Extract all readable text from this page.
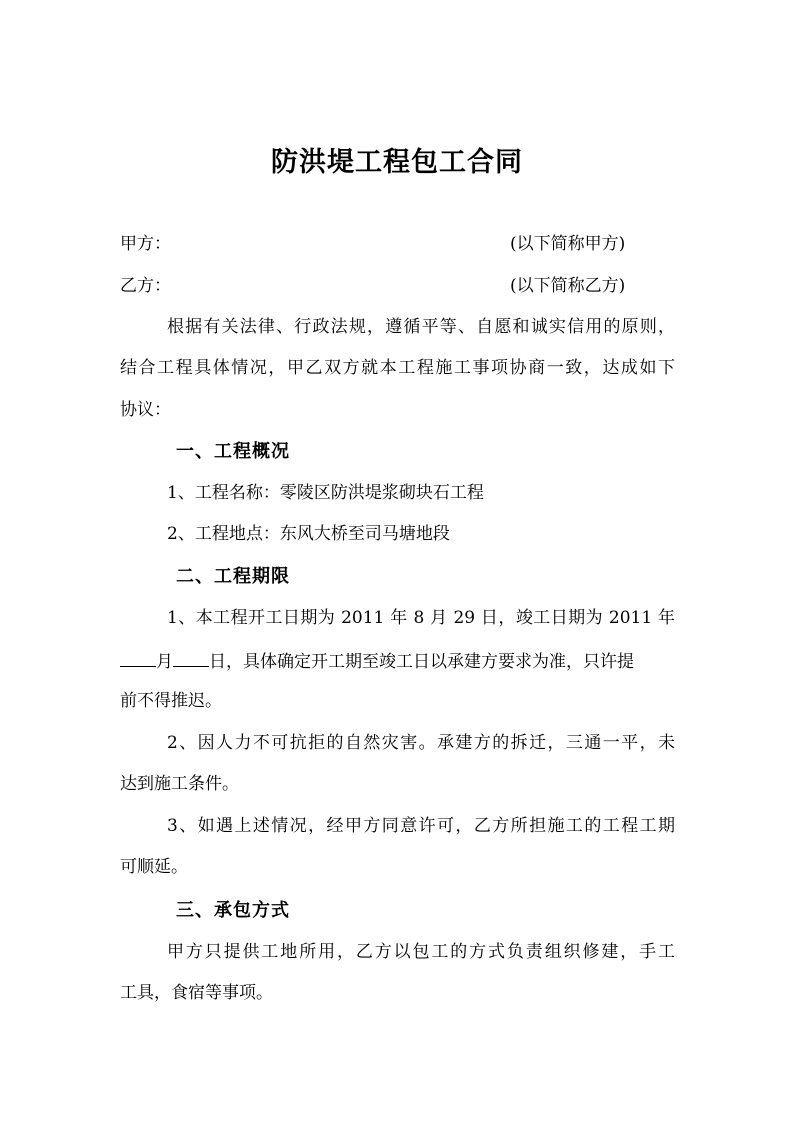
防洪堤工程包工合同
甲方：	(以下简称甲方)
乙方：	(以下简称乙方)
根据有关法律、行政法规，遵循平等、自愿和诚实信用的原则，
结合工程具体情况，甲乙双方就本工程施工事项协商一致，达成如下
协议：
一、工程概况
1、工程名称：零陵区防洪堤浆砌块石工程
2、工程地点：东风大桥至司马塘地段
二、工程期限
1、本工程开工日期为 2011 年 8 月 29 日，竣工日期为 2011 年
月 日，具体确定开工期至竣工日以承建方要求为准，只许提
前不得推迟。
2、因人力不可抗拒的自然灾害。承建方的拆迁，三通一平，未
达到施工条件。
3、如遇上述情况，经甲方同意许可，乙方所担施工的工程工期
可顺延。
三、承包方式
甲方只提供工地所用，乙方以包工的方式负责组织修建，手工
工具，食宿等事项。
